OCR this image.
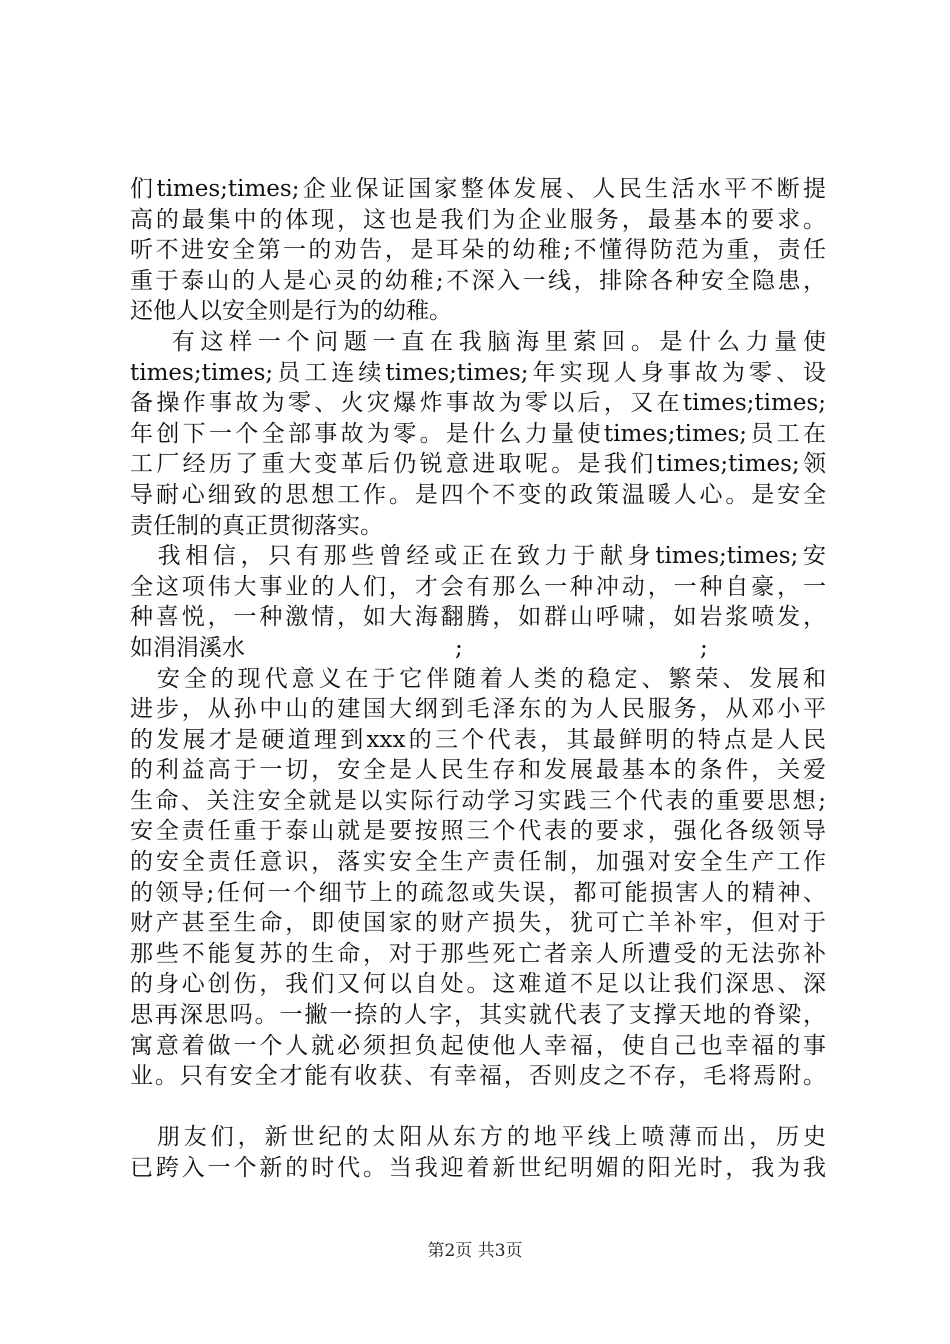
们times;times;企业保证国家整体发展、人民生活水平不断提
高的最集中的体现，这也是我们为企业服务，最基本的要求。
听不进安全第一的劝告，是耳朵的幼稚;不懂得防范为重，责任
重于泰山的人是心灵的幼稚;不深入一线，排除各种安全隐患，
还他人以安全则是行为的幼稚。
　 有这样一个问题一直在我脑海里萦回。是什么力量使
times;times;员工连续times;times;年实现人身事故为零、设
备操作事故为零、火灾爆炸事故为零以后，又在times;times;
年创下一个全部事故为零。是什么力量使times;times;员工在
工厂经历了重大变革后仍锐意进取呢。是我们times;times;领
导耐心细致的思想工作。是四个不变的政策温暖人心。是安全
责任制的真正贯彻落实。
　我相信，只有那些曾经或正在致力于献身times;times;安
全这项伟大事业的人们，才会有那么一种冲动，一种自豪，一
种喜悦，一种激情，如大海翻腾，如群山呼啸，如岩浆喷发，
如涓涓溪水	;	;
　安全的现代意义在于它伴随着人类的稳定、繁荣、发展和
进步，从孙中山的建国大纲到毛泽东的为人民服务，从邓小平
的发展才是硬道理到xxx的三个代表，其最鲜明的特点是人民
的利益高于一切，安全是人民生存和发展最基本的条件，关爱
生命、关注安全就是以实际行动学习实践三个代表的重要思想;
安全责任重于泰山就是要按照三个代表的要求，强化各级领导
的安全责任意识，落实安全生产责任制，加强对安全生产工作
的领导;任何一个细节上的疏忽或失误，都可能损害人的精神、
财产甚至生命，即使国家的财产损失，犹可亡羊补牢，但对于
那些不能复苏的生命，对于那些死亡者亲人所遭受的无法弥补
的身心创伤，我们又何以自处。这难道不足以让我们深思、深
思再深思吗。一撇一捺的人字，其实就代表了支撑天地的脊梁，
寓意着做一个人就必须担负起使他人幸福，使自己也幸福的事
业。只有安全才能有收获、有幸福，否则皮之不存，毛将焉附。
　朋友们，新世纪的太阳从东方的地平线上喷薄而出，历史
已跨入一个新的时代。当我迎着新世纪明媚的阳光时，我为我
第2页 共3页
